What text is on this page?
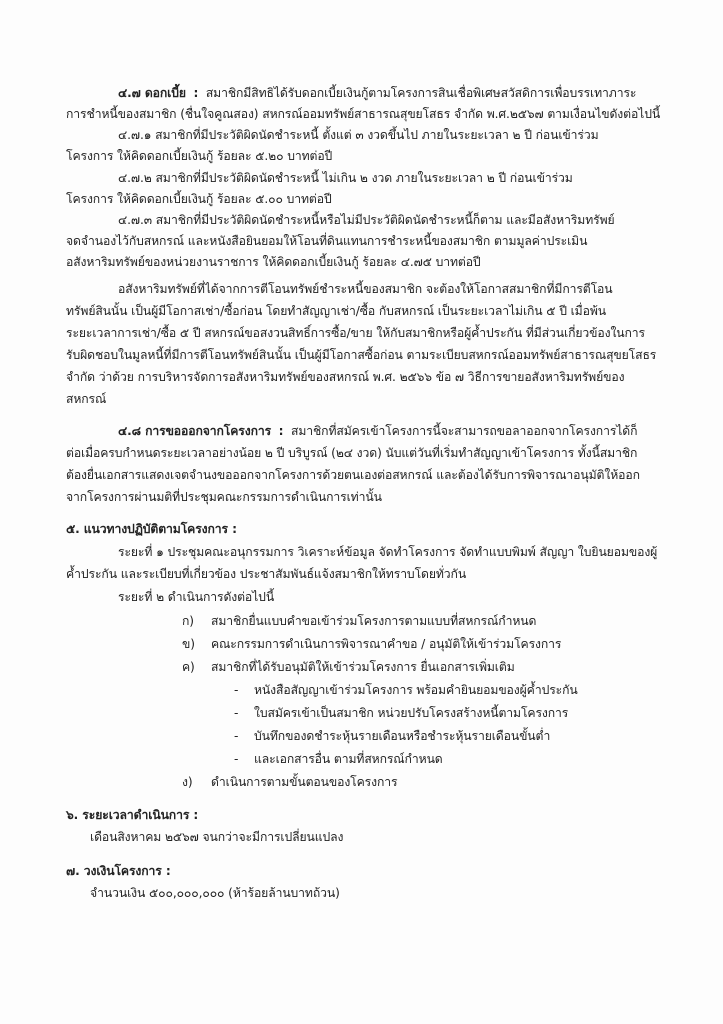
๔.๗ ดอกเบี้ย : สมาชิกมีสิทธิได้รับดอกเบี้ยเงินกู้ตามโครงการสินเชื่อพิเศษสวัสดิการเพื่อบรรเทาภาระ
การชำหนี้ของสมาชิก (ชื่นใจคูณสอง) สหกรณ์ออมทรัพย์สาธารณสุขยโสธร จำกัด พ.ศ.๒๕๖๗ ตามเงื่อนไขดังต่อไปนี้
๔.๗.๑ สมาชิกที่มีประวัติผิดนัดชำระหนี้ ตั้งแต่ ๓ งวดขึ้นไป ภายในระยะเวลา ๒ ปี ก่อนเข้าร่วม
โครงการ ให้คิดดอกเบี้ยเงินกู้ ร้อยละ ๕.๒๐ บาทต่อปี
๔.๗.๒ สมาชิกที่มีประวัติผิดนัดชำระหนี้ ไม่เกิน ๒ งวด ภายในระยะเวลา ๒ ปี ก่อนเข้าร่วม
โครงการ ให้คิดดอกเบี้ยเงินกู้ ร้อยละ ๕.๐๐ บาทต่อปี
๔.๗.๓ สมาชิกที่มีประวัติผิดนัดชำระหนี้หรือไม่มีประวัติผิดนัดชำระหนี้ก็ตาม และมีอสังหาริมทรัพย์
จดจำนองไว้กับสหกรณ์ และหนังสือยินยอมให้โอนที่ดินแทนการชำระหนี้ของสมาชิก ตามมูลค่าประเมิน
อสังหาริมทรัพย์ของหน่วยงานราชการ ให้คิดดอกเบี้ยเงินกู้ ร้อยละ ๔.๗๕ บาทต่อปี
อสังหาริมทรัพย์ที่ได้จากการตีโอนทรัพย์ชำระหนี้ของสมาชิก จะต้องให้โอกาสสมาชิกที่มีการตีโอน
ทรัพย์สินนั้น เป็นผู้มีโอกาสเช่า/ซื้อก่อน โดยทำสัญญาเช่า/ซื้อ กับสหกรณ์ เป็นระยะเวลาไม่เกิน ๕ ปี เมื่อพ้น
ระยะเวลาการเช่า/ซื้อ ๕ ปี สหกรณ์ขอสงวนสิทธิ์การซื้อ/ขาย ให้กับสมาชิกหรือผู้ค้ำประกัน ที่มีส่วนเกี่ยวข้องในการ
รับผิดชอบในมูลหนี้ที่มีการตีโอนทรัพย์สินนั้น เป็นผู้มีโอกาสซื้อก่อน ตามระเบียบสหกรณ์ออมทรัพย์สาธารณสุขยโสธร
จำกัด ว่าด้วย การบริหารจัดการอสังหาริมทรัพย์ของสหกรณ์ พ.ศ. ๒๕๖๖ ข้อ ๗ วิธีการขายอสังหาริมทรัพย์ของ
สหกรณ์
๔.๘ การขอออกจากโครงการ : สมาชิกที่สมัครเข้าโครงการนี้จะสามารถขอลาออกจากโครงการได้ก็
ต่อเมื่อครบกำหนดระยะเวลาอย่างน้อย ๒ ปี บริบูรณ์ (๒๔ งวด) นับแต่วันที่เริ่มทำสัญญาเข้าโครงการ ทั้งนี้สมาชิก
ต้องยื่นเอกสารแสดงเจตจำนงขอออกจากโครงการด้วยตนเองต่อสหกรณ์ และต้องได้รับการพิจารณาอนุมัติให้ออก
จากโครงการผ่านมติที่ประชุมคณะกรรมการดำเนินการเท่านั้น
๕. แนวทางปฏิบัติตามโครงการ :
ระยะที่ ๑ ประชุมคณะอนุกรรมการ วิเคราะห์ข้อมูล จัดทำโครงการ จัดทำแบบพิมพ์ สัญญา ใบยินยอมของผู้
ค้ำประกัน และระเบียบที่เกี่ยวข้อง ประชาสัมพันธ์แจ้งสมาชิกให้ทราบโดยทั่วกัน
ระยะที่ ๒ ดำเนินการดังต่อไปนี้
ก) สมาชิกยื่นแบบคำขอเข้าร่วมโครงการตามแบบที่สหกรณ์กำหนด
ข) คณะกรรมการดำเนินการพิจารณาคำขอ / อนุมัติให้เข้าร่วมโครงการ
ค) สมาชิกที่ได้รับอนุมัติให้เข้าร่วมโครงการ ยื่นเอกสารเพิ่มเติม
- หนังสือสัญญาเข้าร่วมโครงการ พร้อมคำยินยอมของผู้ค้ำประกัน
- ใบสมัครเข้าเป็นสมาชิก หน่วยปรับโครงสร้างหนี้ตามโครงการ
- บันทึกของดชำระหุ้นรายเดือนหรือชำระหุ้นรายเดือนขั้นต่ำ
- และเอกสารอื่น ตามที่สหกรณ์กำหนด
ง) ดำเนินการตามขั้นตอนของโครงการ
๖. ระยะเวลาดำเนินการ :
เดือนสิงหาคม ๒๕๖๗ จนกว่าจะมีการเปลี่ยนแปลง
๗. วงเงินโครงการ :
จำนวนเงิน ๕๐๐,๐๐๐,๐๐๐ (ห้าร้อยล้านบาทถ้วน)
